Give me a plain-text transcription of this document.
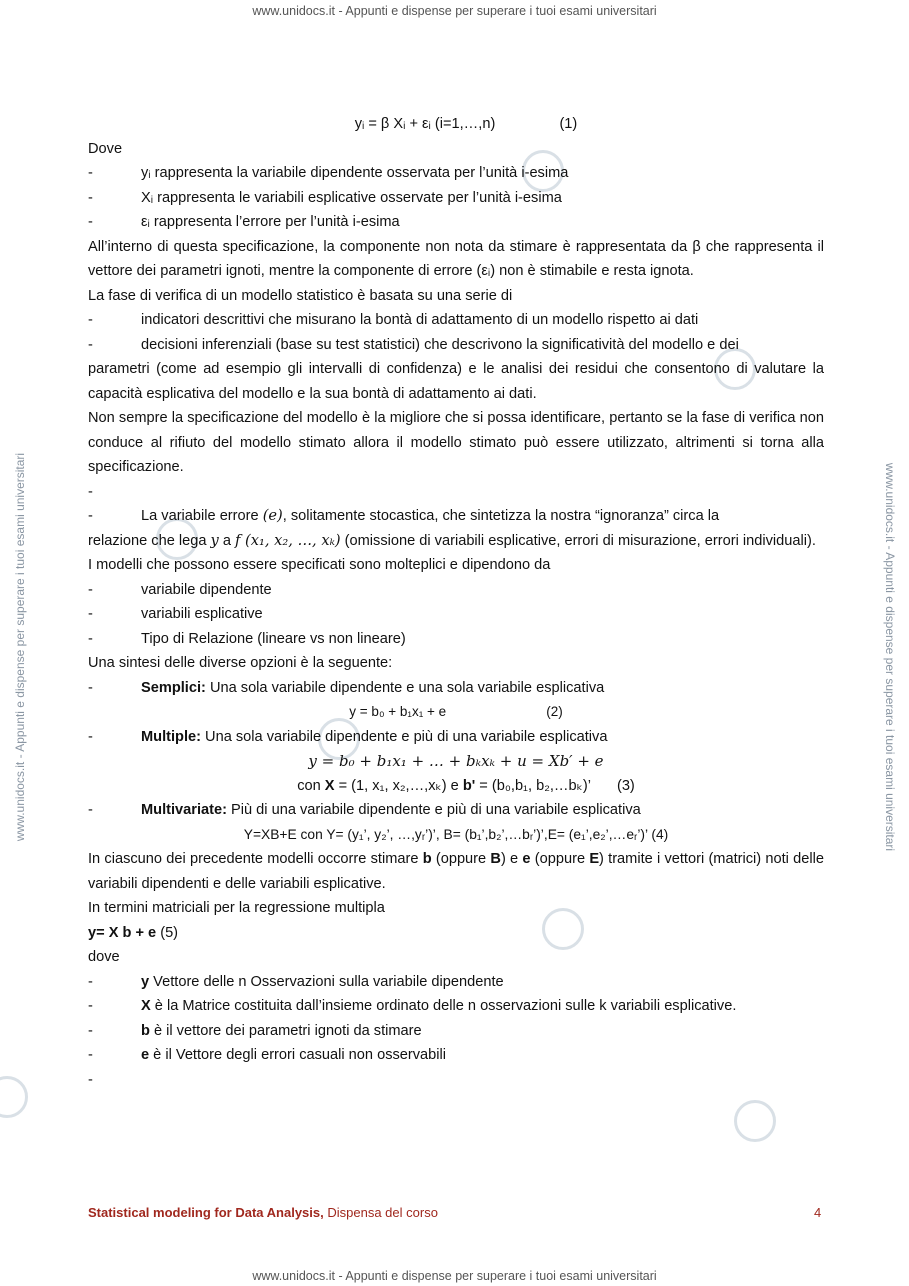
www.unidocs.it - Appunti e dispense per superare i tuoi esami universitari
www.unidocs.it - Appunti e dispense per superare i tuoi esami universitari
www.unidocs.it - Appunti e dispense per superare i tuoi esami universitari	www.unidocs.it - Appunti e dispense per superare i tuoi esami universitari
yᵢ = β Xᵢ + εᵢ (i=1,…,n)	(1)
Dove
-	yᵢ rappresenta la variabile dipendente osservata per l’unità i-esima
-	Xᵢ rappresenta le variabili esplicative osservate per l’unità i-esima
-	εᵢ rappresenta l’errore per l’unità i-esima
All’interno di questa specificazione, la componente non nota da stimare è rappresentata da β che rappresenta il vettore dei parametri ignoti, mentre la componente di errore (εᵢ) non è stimabile e resta ignota.
La fase di verifica di un modello statistico è basata su una serie di
-	indicatori descrittivi che misurano la bontà di adattamento di un modello rispetto ai dati
-	decisioni inferenziali (base su test statistici) che descrivono la significatività del modello e dei
parametri (come ad esempio gli intervalli di confidenza) e le analisi dei residui che consentono di valutare la capacità esplicativa del modello e la sua bontà di adattamento ai dati.
Non sempre la specificazione del modello è la migliore che si possa identificare, pertanto se la fase di verifica non conduce al rifiuto del modello stimato allora il modello stimato può essere utilizzato, altrimenti si torna alla specificazione.
-
-	La variabile errore (e), solitamente stocastica, che sintetizza la nostra “ignoranza” circa la
relazione che lega y a f (x₁, x₂, …, xₖ) (omissione di variabili esplicative, errori di misurazione, errori individuali).
I modelli che possono essere specificati sono molteplici e dipendono da
-	variabile dipendente
-	variabili esplicative
-	Tipo di Relazione (lineare vs non lineare)
Una sintesi delle diverse opzioni è la seguente:
-	Semplici: Una sola variabile dipendente e una sola variabile esplicativa
y = b₀ + b₁x₁ + e	(2)
-	Multiple: Una sola variabile dipendente e più di una variabile esplicativa
y = b₀ + b₁x₁ + … + bₖxₖ + u = Xb′ + e
con X = (1, x₁, x₂,…,xₖ) e b' = (b₀,b₁, b₂,…bₖ)’ (3)
-	Multivariate: Più di una variabile dipendente e più di una variabile esplicativa
Y=XB+E con Y= (y₁’, y₂’, …,yᵣ’)’, B= (b₁’,b₂’,…bᵣ’)’,E= (e₁’,e₂’,…eᵣ’)’ (4)
In ciascuno dei precedente modelli occorre stimare b (oppure B) e e (oppure E) tramite i vettori (matrici) noti delle variabili dipendenti e delle variabili esplicative.
In termini matriciali per la regressione multipla
y= X b + e (5)
dove
-	y Vettore delle n Osservazioni sulla variabile dipendente
-	X è la Matrice costituita dall’insieme ordinato delle n osservazioni sulle k variabili esplicative.
-	b è il vettore dei parametri ignoti da stimare
-	e è il Vettore degli errori casuali non osservabili
-
Statistical modeling for Data Analysis, Dispensa del corso	4
